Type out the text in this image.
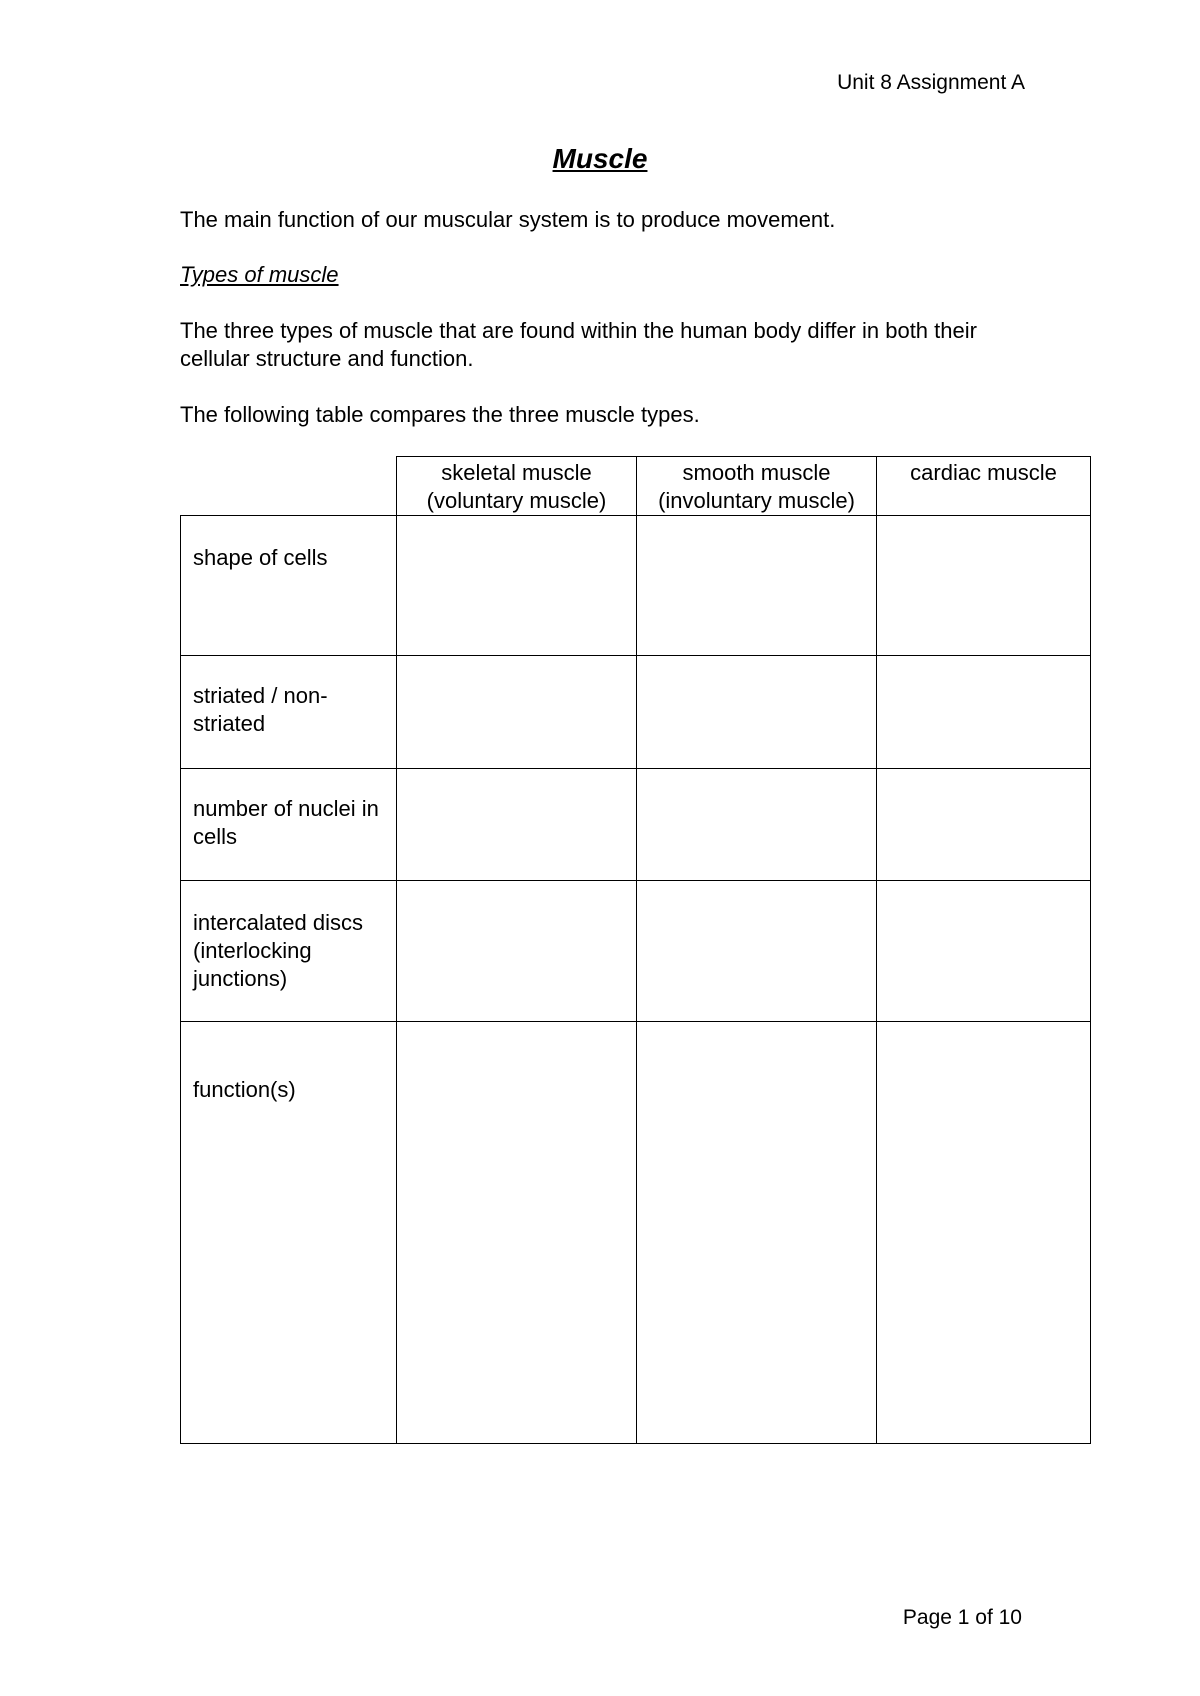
Unit 8 Assignment A
Muscle

The main function of our muscular system is to produce movement.

Types of muscle

The three types of muscle that are found within the human body differ in both their cellular structure and function.

The following table compares the three muscle types.

	skeletal muscle (voluntary muscle)	smooth muscle (involuntary muscle)	cardiac muscle
shape of cells			
striated / non-striated			
number of nuclei in cells			
intercalated discs (interlocking junctions)			
function(s)			
Page 1 of 10
